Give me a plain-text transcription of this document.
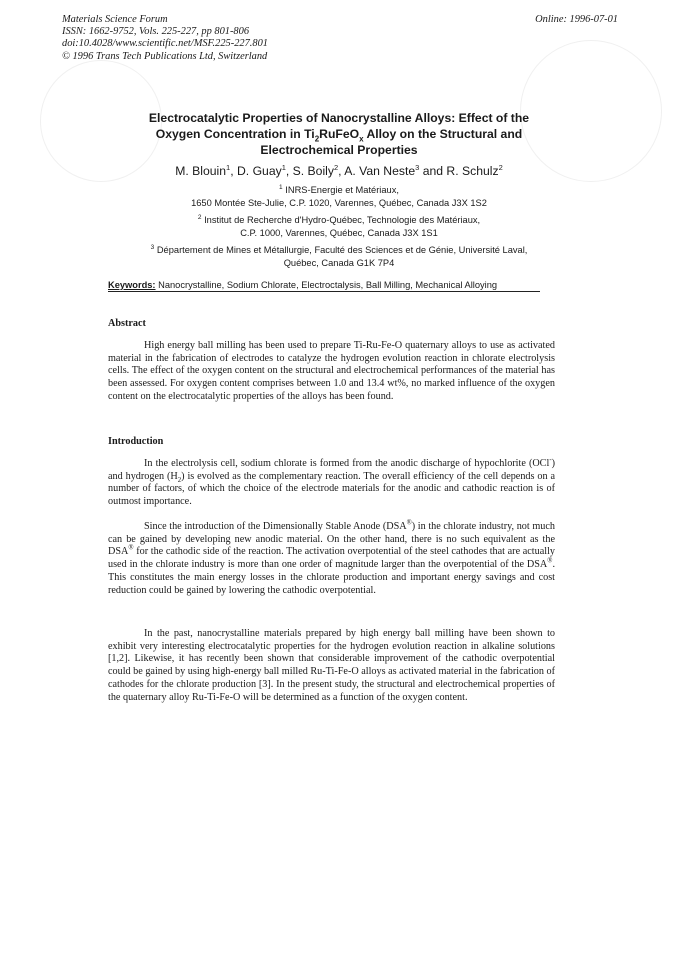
Materials Science Forum
ISSN: 1662-9752, Vols. 225-227, pp 801-806
doi:10.4028/www.scientific.net/MSF.225-227.801
© 1996 Trans Tech Publications Ltd, Switzerland
Online: 1996-07-01
Electrocatalytic Properties of Nanocrystalline Alloys: Effect of the
Oxygen Concentration in $Ti_2RuFeO_x$ Alloy on the Structural and
Electrochemical Properties
M. Blouin$^1$, D. Guay$^1$, S. Boily$^2$, A. Van Neste$^3$ and R. Schulz$^2$
$^1$ INRS-Energie et Matériaux,
1650 Montée Ste-Julie, C.P. 1020, Varennes, Québec, Canada J3X 1S2
$^2$ Institut de Recherche d'Hydro-Québec, Technologie des Matériaux,
C.P. 1000, Varennes, Québec, Canada J3X 1S1
$^3$ Département de Mines et Métallurgie, Faculté des Sciences et de Génie, Université Laval,
Québec, Canada G1K 7P4
Keywords: Nanocrystalline, Sodium Chlorate, Electroctalysis, Ball Milling, Mechanical Alloying
Abstract
High energy ball milling has been used to prepare Ti-Ru-Fe-O quaternary alloys to use as activated material in the fabrication of electrodes to catalyze the hydrogen evolution reaction in chlorate electrolysis cells. The effect of the oxygen content on the structural and electrochemical performances of the material has been assessed. For oxygen content comprises between 1.0 and 13.4 wt%, no marked influence of the oxygen content on the electrocatalytic properties of the alloys has been found.
Introduction
In the electrolysis cell, sodium chlorate is formed from the anodic discharge of hypochlorite (OCl-) and hydrogen $(H_2)$ is evolved as the complementary reaction. The overall efficiency of the cell depends on a number of factors, of which the choice of the electrode materials for the anodic and cathodic reaction is of outmost importance.
Since the introduction of the Dimensionally Stable Anode (DSA®) in the chlorate industry, not much can be gained by developing new anodic material. On the other hand, there is no such equivalent as the DSA® for the cathodic side of the reaction. The activation overpotential of the steel cathodes that are actually used in the chlorate industry is more than one order of magnitude larger than the overpotential of the DSA®. This constitutes the main energy losses in the chlorate production and important energy savings and cost reduction could be gained by lowering the cathodic overpotential.
In the past, nanocrystalline materials prepared by high energy ball milling have been shown to exhibit very interesting electrocatalytic properties for the hydrogen evolution reaction in alkaline solutions [1,2]. Likewise, it has recently been shown that considerable improvement of the cathodic overpotential could be gained by using high-energy ball milled Ru-Ti-Fe-O alloys as activated material in the fabrication of cathodes for the chlorate production [3]. In the present study, the structural and electrochemical properties of the quaternary alloy Ru-Ti-Fe-O will be determined as a function of the oxygen content.
